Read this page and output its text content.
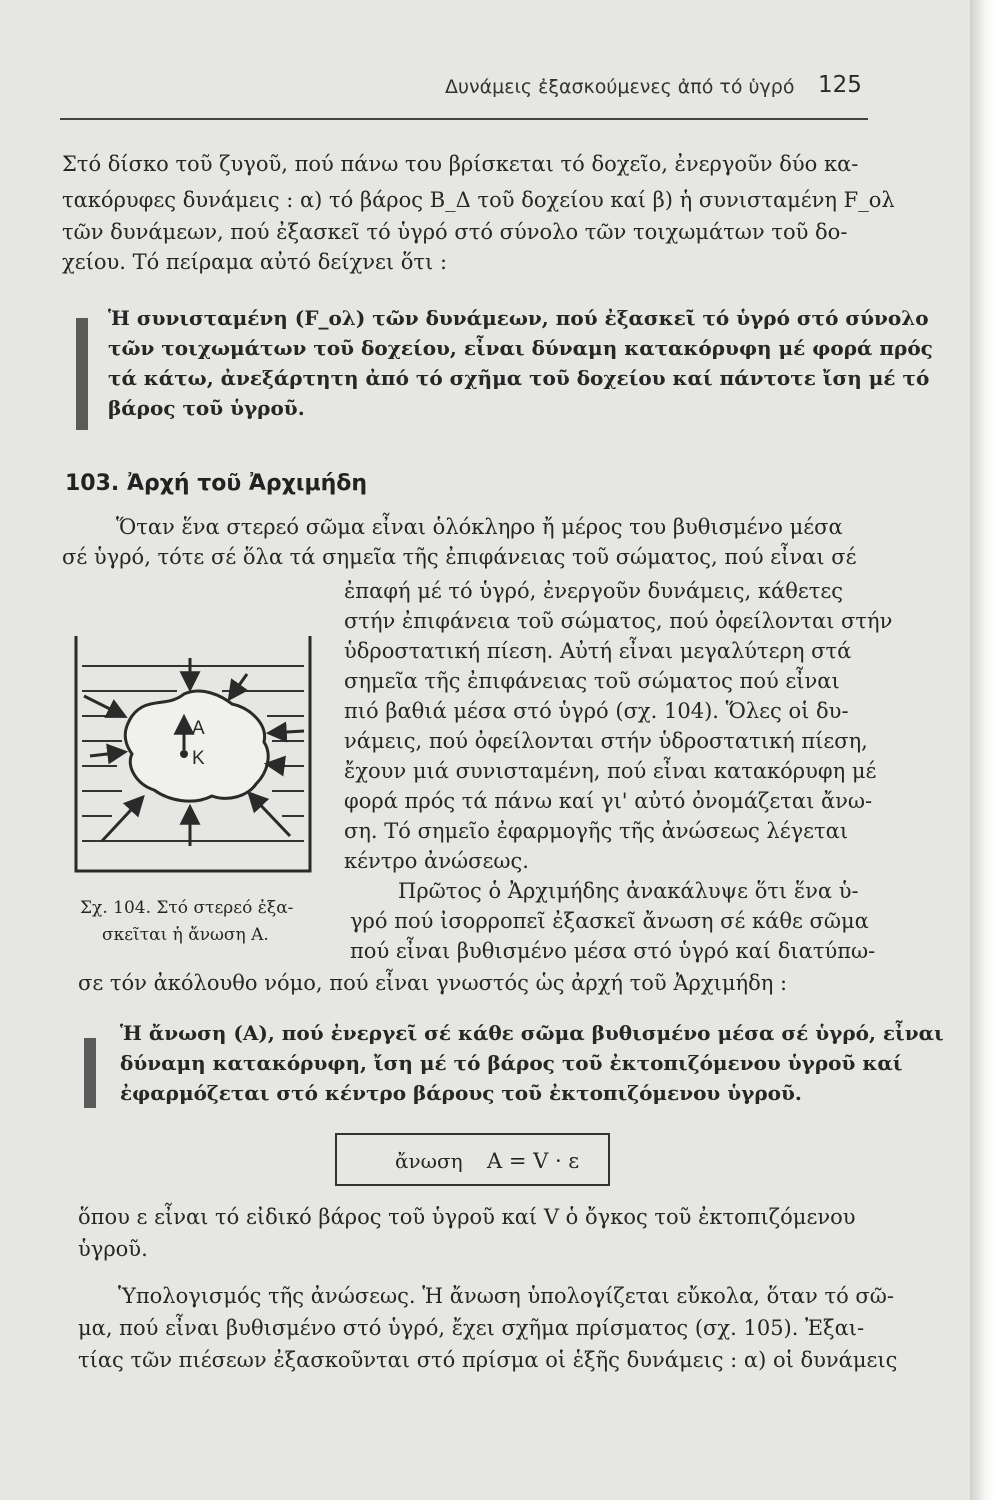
Δυνάμεις ἐξασκούμενες ἀπό τό ὑγρό 125
Στό δίσκο τοῦ ζυγοῦ, πού πάνω του βρίσκεται τό δοχεῖο, ἐνεργοῦν δύο κα-
τακόρυφες δυνάμεις : α) τό βάρος B_Δ τοῦ δοχείου καί β) ἡ συνισταμένη F_ολ
τῶν δυνάμεων, πού ἐξασκεῖ τό ὑγρό στό σύνολο τῶν τοιχωμάτων τοῦ δο-
χείου. Τό πείραμα αὐτό δείχνει ὅτι :
Ἡ συνισταμένη (F_ολ) τῶν δυνάμεων, πού ἐξασκεῖ τό ὑγρό στό σύνολο
τῶν τοιχωμάτων τοῦ δοχείου, εἶναι δύναμη κατακόρυφη μέ φορά πρός
τά κάτω, ἀνεξάρτητη ἀπό τό σχῆμα τοῦ δοχείου καί πάντοτε ἴση μέ τό
βάρος τοῦ ὑγροῦ.
103. Ἀρχή τοῦ Ἀρχιμήδη
Ὅταν ἕνα στερεό σῶμα εἶναι ὁλόκληρο ἤ μέρος του βυθισμένο μέσα
σέ ὑγρό, τότε σέ ὅλα τά σημεῖα τῆς ἐπιφάνειας τοῦ σώματος, πού εἶναι σέ
ἐπαφή μέ τό ὑγρό, ἐνεργοῦν δυνάμεις, κάθετες
στήν ἐπιφάνεια τοῦ σώματος, πού ὀφείλονται στήν
ὑδροστατική πίεση. Αὐτή εἶναι μεγαλύτερη στά
σημεῖα τῆς ἐπιφάνειας τοῦ σώματος πού εἶναι
πιό βαθιά μέσα στό ὑγρό (σχ. 104). Ὅλες οἱ δυ-
νάμεις, πού ὀφείλονται στήν ὑδροστατική πίεση,
ἔχουν μιά συνισταμένη, πού εἶναι κατακόρυφη μέ
φορά πρός τά πάνω καί γι' αὐτό ὀνομάζεται ἄνω-
ση. Τό σημεῖο ἐφαρμογῆς τῆς ἀνώσεως λέγεται
κέντρο ἀνώσεως.
A
K
Σχ. 104. Στό στερεό ἐξα-
σκεῖται ἡ ἄνωση Α.
Πρῶτος ὁ Ἀρχιμήδης ἀνακάλυψε ὅτι ἕνα ὑ-
γρό πού ἰσορροπεῖ ἐξασκεῖ ἄνωση σέ κάθε σῶμα
πού εἶναι βυθισμένο μέσα στό ὑγρό καί διατύπω-
σε τόν ἀκόλουθο νόμο, πού εἶναι γνωστός ὡς ἀρχή τοῦ Ἀρχιμήδη :
Ἡ ἄνωση (Α), πού ἐνεργεῖ σέ κάθε σῶμα βυθισμένο μέσα σέ ὑγρό, εἶναι
δύναμη κατακόρυφη, ἴση μέ τό βάρος τοῦ ἐκτοπιζόμενου ὑγροῦ καί
ἐφαρμόζεται στό κέντρο βάρους τοῦ ἐκτοπιζόμενου ὑγροῦ.
ἄνωση A = V · ε
ὅπου ε εἶναι τό εἰδικό βάρος τοῦ ὑγροῦ καί V ὁ ὄγκος τοῦ ἐκτοπιζόμενου
ὑγροῦ.
Ὑπολογισμός τῆς ἀνώσεως. Ἡ ἄνωση ὑπολογίζεται εὔκολα, ὅταν τό σῶ-
μα, πού εἶναι βυθισμένο στό ὑγρό, ἔχει σχῆμα πρίσματος (σχ. 105). Ἐξαι-
τίας τῶν πιέσεων ἐξασκοῦνται στό πρίσμα οἱ ἑξῆς δυνάμεις : α) οἱ δυνάμεις
